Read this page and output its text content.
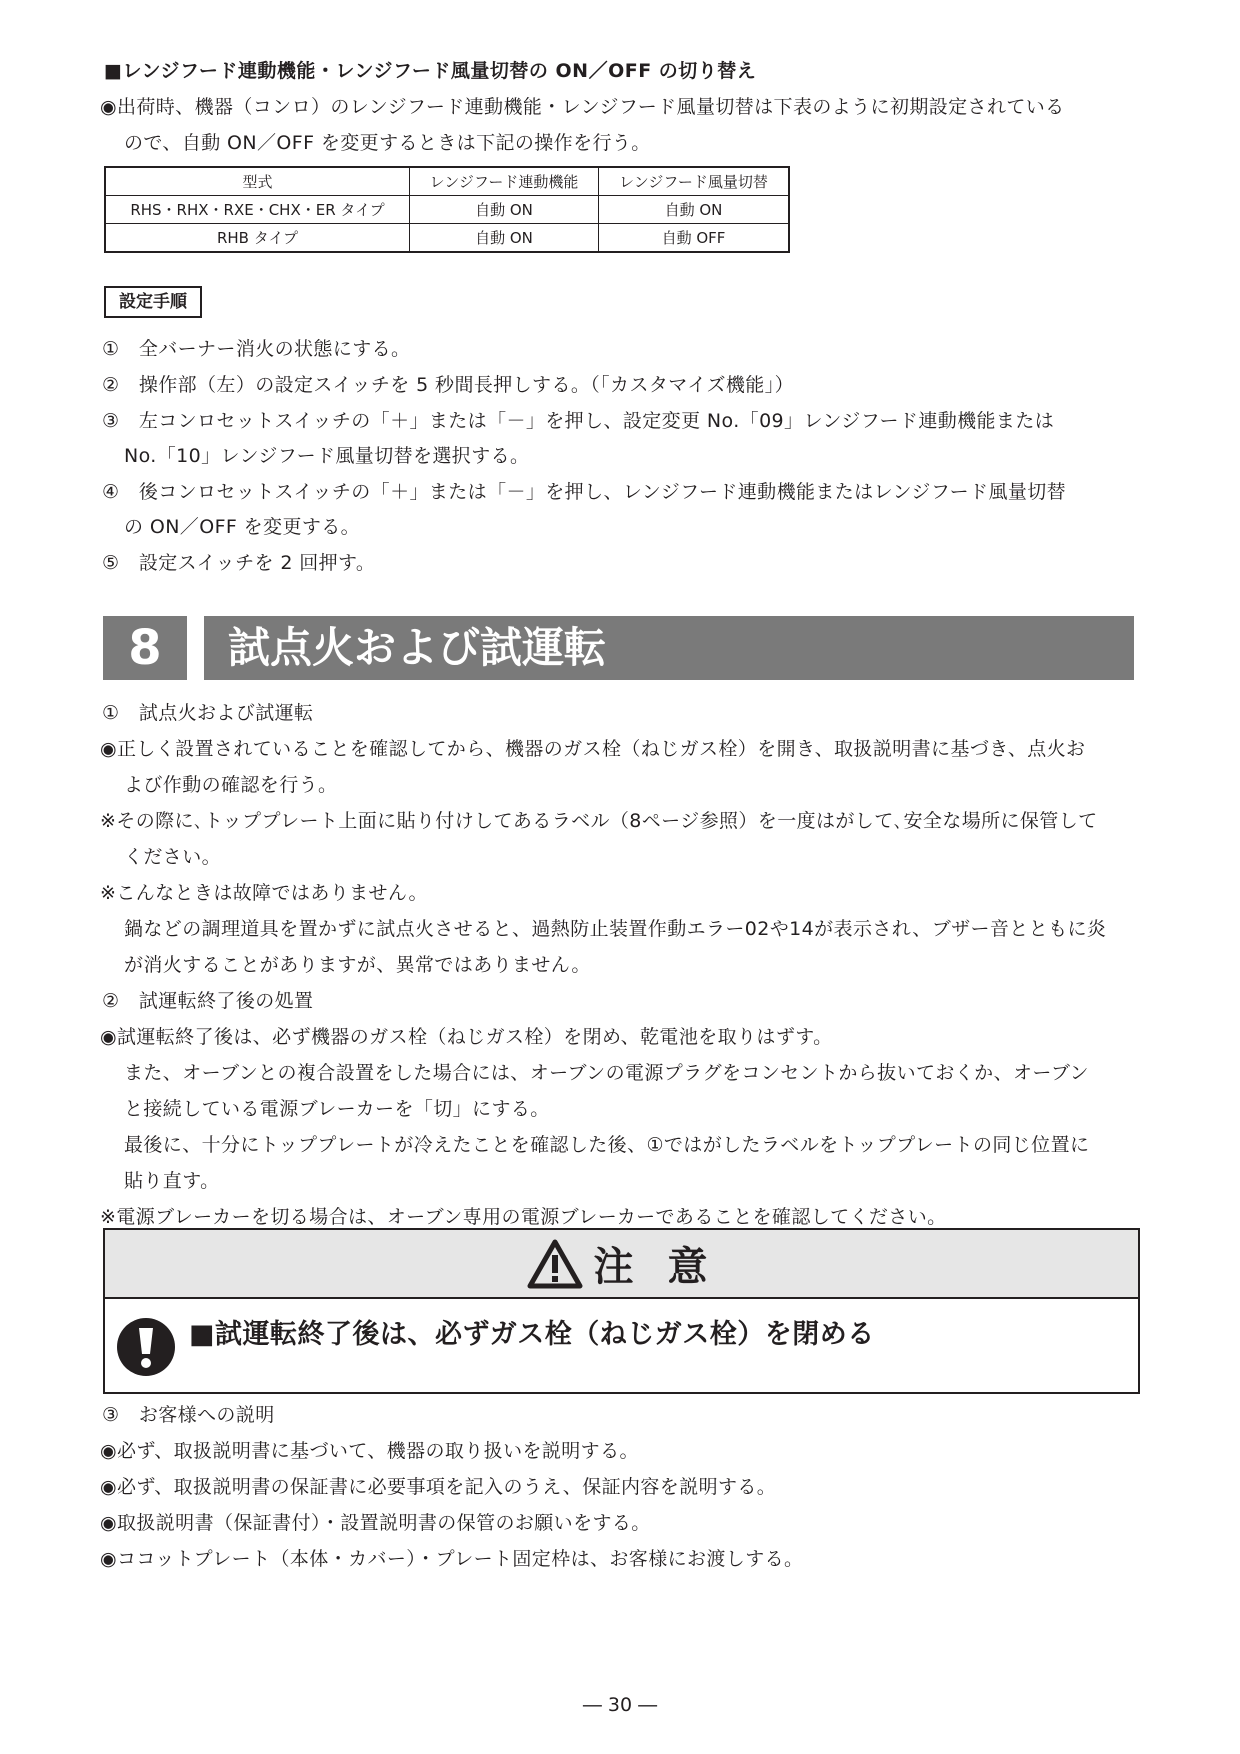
■レンジフード連動機能・レンジフード風量切替の ON／OFF の切り替え
◉出荷時、機器（コンロ）のレンジフード連動機能・レンジフード風量切替は下表のように初期設定されている
ので、自動 ON／OFF を変更するときは下記の操作を行う。
型式	レンジフード連動機能	レンジフード風量切替
RHS・RHX・RXE・CHX・ER タイプ	自動 ON	自動 ON
RHB タイプ	自動 ON	自動 OFF
設定手順
①　全バーナー消火の状態にする。
②　操作部（左）の設定スイッチを 5 秒間長押しする。（「カスタマイズ機能」）
③　左コンロセットスイッチの「＋」または「－」を押し、設定変更 No.「09」レンジフード連動機能または
No.「10」レンジフード風量切替を選択する。
④　後コンロセットスイッチの「＋」または「－」を押し、レンジフード連動機能またはレンジフード風量切替
の ON／OFF を変更する。
⑤　設定スイッチを 2 回押す。
8	試点火および試運転
①　試点火および試運転
◉正しく設置されていることを確認してから、機器のガス栓（ねじガス栓）を開き、取扱説明書に基づき、点火お
よび作動の確認を行う。
※その際に､トッププレート上面に貼り付けしてあるラベル（8ページ参照）を一度はがして､安全な場所に保管して
ください。
※こんなときは故障ではありません。
鍋などの調理道具を置かずに試点火させると、過熱防止装置作動エラー02や14が表示され、ブザー音とともに炎
が消火することがありますが、異常ではありません。
②　試運転終了後の処置
◉試運転終了後は、必ず機器のガス栓（ねじガス栓）を閉め、乾電池を取りはずす。
また、オーブンとの複合設置をした場合には、オーブンの電源プラグをコンセントから抜いておくか、オーブン
と接続している電源ブレーカーを「切」にする。
最後に、十分にトッププレートが冷えたことを確認した後、①ではがしたラベルをトッププレートの同じ位置に
貼り直す。
※電源ブレーカーを切る場合は、オーブン専用の電源ブレーカーであることを確認してください。
注 意
■試運転終了後は、必ずガス栓（ねじガス栓）を閉める
③　お客様への説明
◉必ず、取扱説明書に基づいて、機器の取り扱いを説明する。
◉必ず、取扱説明書の保証書に必要事項を記入のうえ、保証内容を説明する。
◉取扱説明書（保証書付）・設置説明書の保管のお願いをする。
◉ココットプレート（本体・カバー）・プレート固定枠は、お客様にお渡しする。
― 30 ―
